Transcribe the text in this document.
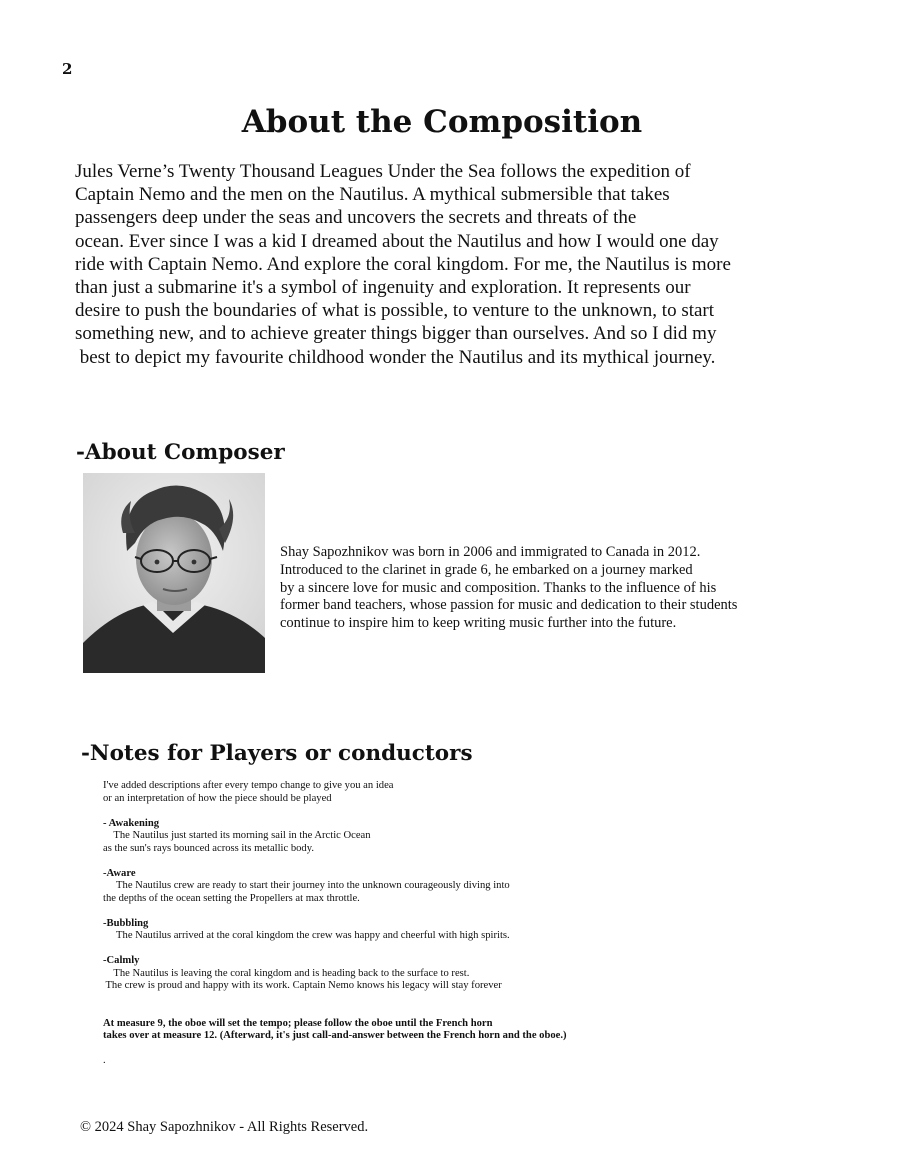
2
About the Composition
Jules Verne’s Twenty Thousand Leagues Under the Sea follows the expedition of
Captain Nemo and the men on the Nautilus. A mythical submersible that takes
passengers deep under the seas and uncovers the secrets and threats of the
ocean. Ever since I was a kid I dreamed about the Nautilus and how I would one day
ride with Captain Nemo. And explore the coral kingdom. For me, the Nautilus is more
than just a submarine it's a symbol of ingenuity and exploration. It represents our
desire to push the boundaries of what is possible, to venture to the unknown, to start
something new, and to achieve greater things bigger than ourselves. And so I did my
best to depict my favourite childhood wonder the Nautilus and its mythical journey.
-About Composer
Shay Sapozhnikov was born in 2006 and immigrated to Canada in 2012.
Introduced to the clarinet in grade 6, he embarked on a journey marked
by a sincere love for music and composition. Thanks to the influence of his
former band teachers, whose passion for music and dedication to their students
continue to inspire him to keep writing music further into the future.
-Notes for Players or conductors
I've added descriptions after every tempo change to give you an idea
or an interpretation of how the piece should be played
- Awakening
The Nautilus just started its morning sail in the Arctic Ocean
as the sun's rays bounced across its metallic body.
-Aware
The Nautilus crew are ready to start their journey into the unknown courageously diving into
the depths of the ocean setting the Propellers at max throttle.
-Bubbling
The Nautilus arrived at the coral kingdom the crew was happy and cheerful with high spirits.
-Calmly
The Nautilus is leaving the coral kingdom and is heading back to the surface to rest.
The crew is proud and happy with its work. Captain Nemo knows his legacy will stay forever
At measure 9, the oboe will set the tempo; please follow the oboe until the French horn
takes over at measure 12. (Afterward, it's just call-and-answer between the French horn and the oboe.)
.
© 2024 Shay Sapozhnikov - All Rights Reserved.
